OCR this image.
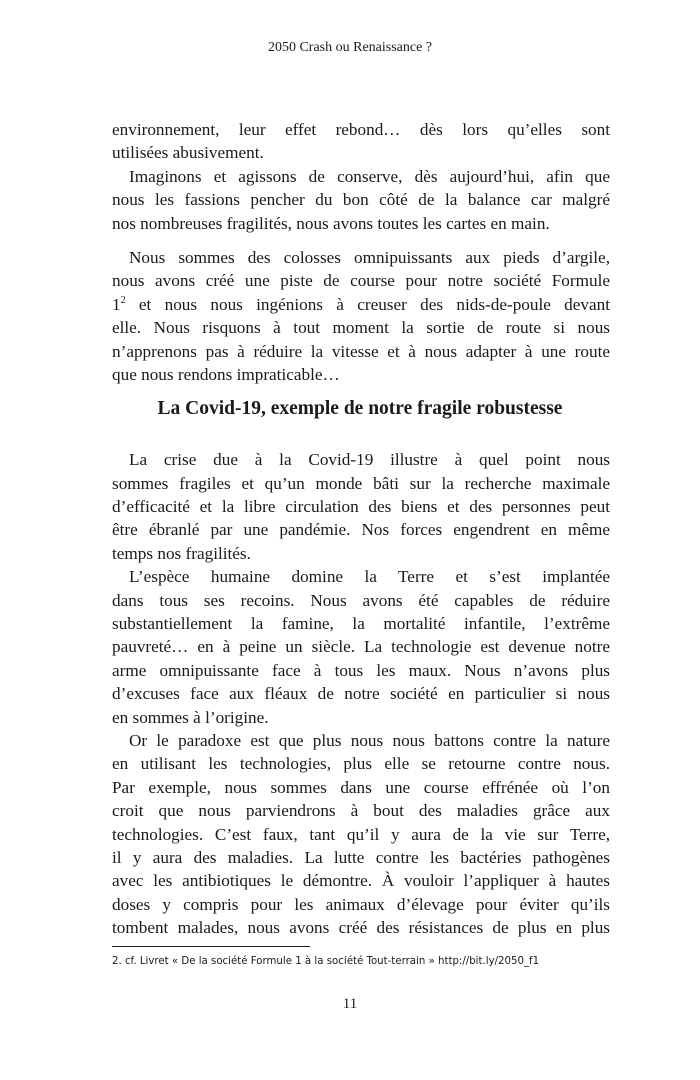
2050 Crash ou Renaissance ?
environnement, leur effet rebond… dès lors qu’elles sont
utilisées abusivement.
Imaginons et agissons de conserve, dès aujourd’hui, afin que
nous les fassions pencher du bon côté de la balance car malgré
nos nombreuses fragilités, nous avons toutes les cartes en main.
Nous sommes des colosses omnipuissants aux pieds d’argile,
nous avons créé une piste de course pour notre société Formule
$1^2$ et nous nous ingénions à creuser des nids-de-poule devant
elle. Nous risquons à tout moment la sortie de route si nous
n’apprenons pas à réduire la vitesse et à nous adapter à une route
que nous rendons impraticable…
La Covid-19, exemple de notre fragile robustesse
La crise due à la Covid-19 illustre à quel point nous
sommes fragiles et qu’un monde bâti sur la recherche maximale
d’efficacité et la libre circulation des biens et des personnes peut
être ébranlé par une pandémie. Nos forces engendrent en même
temps nos fragilités.
L’espèce humaine domine la Terre et s’est implantée
dans tous ses recoins. Nous avons été capables de réduire
substantiellement la famine, la mortalité infantile, l’extrême
pauvreté… en à peine un siècle. La technologie est devenue notre
arme omnipuissante face à tous les maux. Nous n’avons plus
d’excuses face aux fléaux de notre société en particulier si nous
en sommes à l’origine.
Or le paradoxe est que plus nous nous battons contre la nature
en utilisant les technologies, plus elle se retourne contre nous.
Par exemple, nous sommes dans une course effrénée où l’on
croit que nous parviendrons à bout des maladies grâce aux
technologies. C’est faux, tant qu’il y aura de la vie sur Terre,
il y aura des maladies. La lutte contre les bactéries pathogènes
avec les antibiotiques le démontre. À vouloir l’appliquer à hautes
doses y compris pour les animaux d’élevage pour éviter qu’ils
tombent malades, nous avons créé des résistances de plus en plus
2. cf. Livret « De la société Formule 1 à la société Tout-terrain » http://bit.ly/2050_f1
11
